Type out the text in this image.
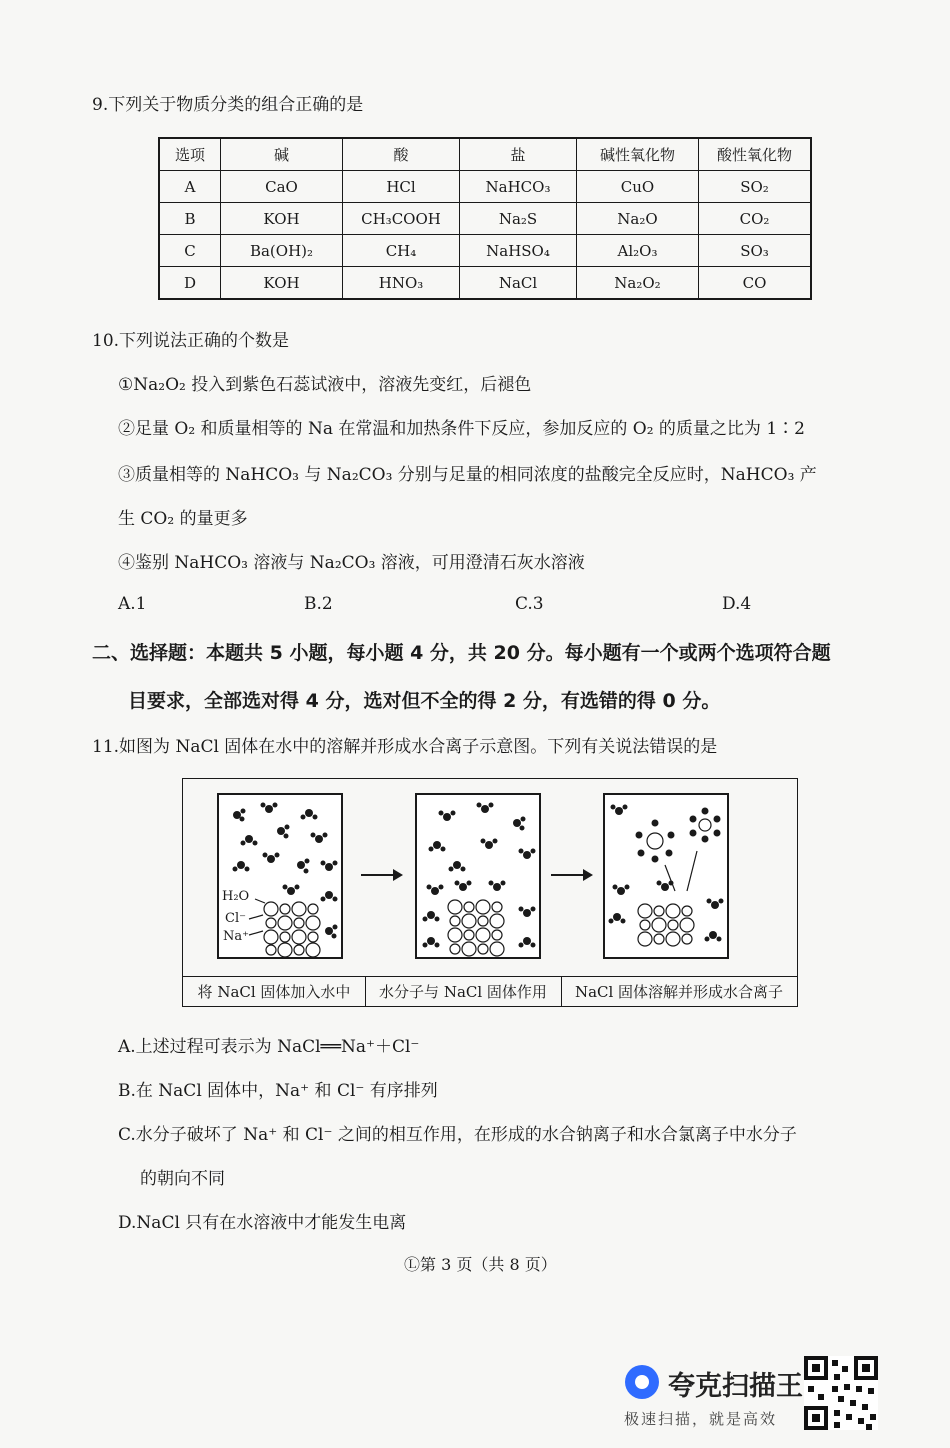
9.下列关于物质分类的组合正确的是
选项	碱	酸	盐	碱性氧化物	酸性氧化物
A	CaO	HCl	NaHCO₃	CuO	SO₂
B	KOH	CH₃COOH	Na₂S	Na₂O	CO₂
C	Ba(OH)₂	CH₄	NaHSO₄	Al₂O₃	SO₃
D	KOH	HNO₃	NaCl	Na₂O₂	CO
10.下列说法正确的个数是
①Na₂O₂ 投入到紫色石蕊试液中，溶液先变红，后褪色
②足量 O₂ 和质量相等的 Na 在常温和加热条件下反应，参加反应的 O₂ 的质量之比为 1∶2
③质量相等的 NaHCO₃ 与 Na₂CO₃ 分别与足量的相同浓度的盐酸完全反应时，NaHCO₃ 产
生 CO₂ 的量更多
④鉴别 NaHCO₃ 溶液与 Na₂CO₃ 溶液，可用澄清石灰水溶液
A.1	B.2	C.3	D.4
二、选择题：本题共 5 小题，每小题 4 分，共 20 分。每小题有一个或两个选项符合题
目要求，全部选对得 4 分，选对但不全的得 2 分，有选错的得 0 分。
11.如图为 NaCl 固体在水中的溶解并形成水合离子示意图。下列有关说法错误的是
H₂O
Cl⁻
Na⁺
将 NaCl 固体加入水中	水分子与 NaCl 固体作用	NaCl 固体溶解并形成水合离子
A.上述过程可表示为 NaCl══Na⁺＋Cl⁻
B.在 NaCl 固体中，Na⁺ 和 Cl⁻ 有序排列
C.水分子破坏了 Na⁺ 和 Cl⁻ 之间的相互作用，在形成的水合钠离子和水合氯离子中水分子
的朝向不同
D.NaCl 只有在水溶液中才能发生电离
Ⓛ第 3 页（共 8 页）
夸克扫描王
极速扫描，就是高效
